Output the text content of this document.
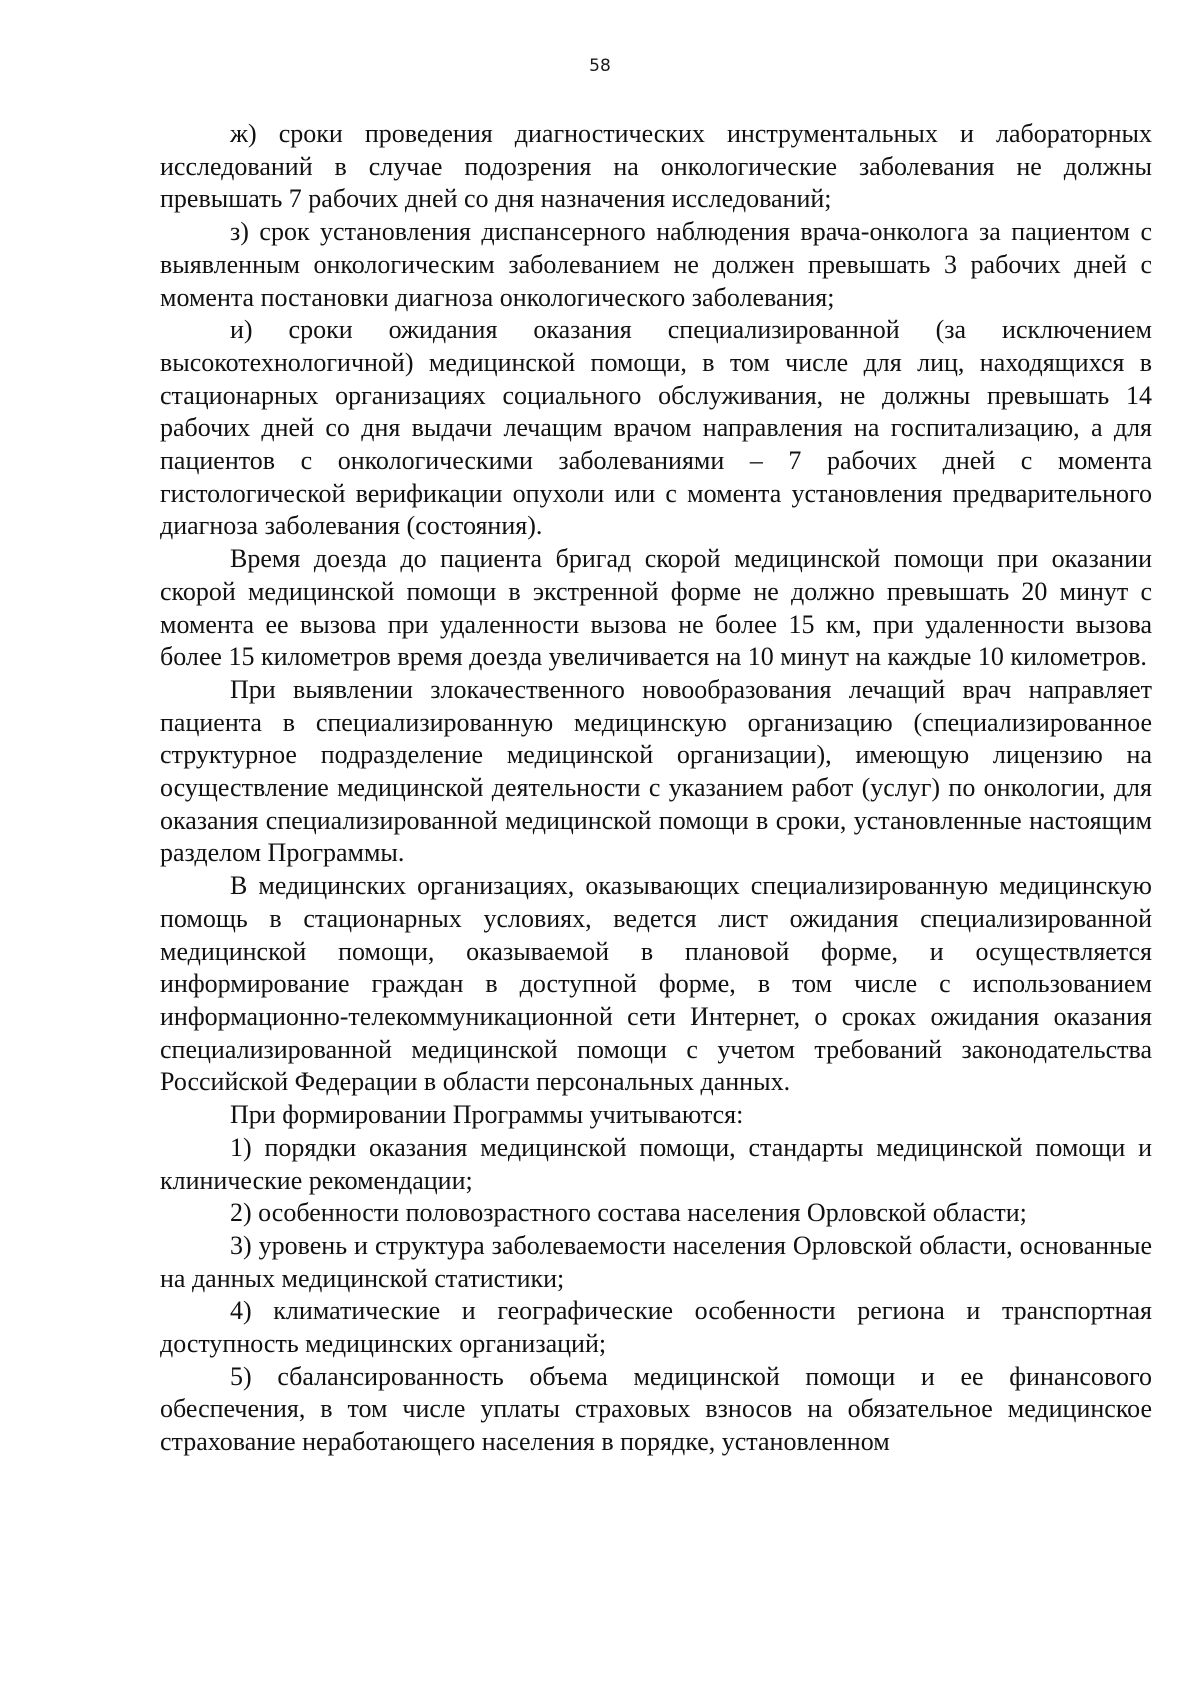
58

ж) сроки проведения диагностических инструментальных и лабораторных исследований в случае подозрения на онкологические заболевания не должны превышать 7 рабочих дней со дня назначения исследований;

з) срок установления диспансерного наблюдения врача-онколога за пациентом с выявленным онкологическим заболеванием не должен превышать 3 рабочих дней с момента постановки диагноза онкологического заболевания;

и) сроки ожидания оказания специализированной (за исключением высокотехнологичной) медицинской помощи, в том числе для лиц, находящихся в стационарных организациях социального обслуживания, не должны превышать 14 рабочих дней со дня выдачи лечащим врачом направления на госпитализацию, а для пациентов с онкологическими заболеваниями – 7 рабочих дней с момента гистологической верификации опухоли или с момента установления предварительного диагноза заболевания (состояния).

Время доезда до пациента бригад скорой медицинской помощи при оказании скорой медицинской помощи в экстренной форме не должно превышать 20 минут с момента ее вызова при удаленности вызова не более 15 км, при удаленности вызова более 15 километров время доезда увеличивается на 10 минут на каждые 10 километров.

При выявлении злокачественного новообразования лечащий врач направляет пациента в специализированную медицинскую организацию (специализированное структурное подразделение медицинской организации), имеющую лицензию на осуществление медицинской деятельности с указанием работ (услуг) по онкологии, для оказания специализированной медицинской помощи в сроки, установленные настоящим разделом Программы.

В медицинских организациях, оказывающих специализированную медицинскую помощь в стационарных условиях, ведется лист ожидания специализированной медицинской помощи, оказываемой в плановой форме, и осуществляется информирование граждан в доступной форме, в том числе с использованием информационно-телекоммуникационной сети Интернет, о сроках ожидания оказания специализированной медицинской помощи с учетом требований законодательства Российской Федерации в области персональных данных.

При формировании Программы учитываются:

1) порядки оказания медицинской помощи, стандарты медицинской помощи и клинические рекомендации;

2) особенности половозрастного состава населения Орловской области;

3) уровень и структура заболеваемости населения Орловской области, основанные на данных медицинской статистики;

4) климатические и географические особенности региона и транспортная доступность медицинских организаций;

5) сбалансированность объема медицинской помощи и ее финансового обеспечения, в том числе уплаты страховых взносов на обязательное медицинское страхование неработающего населения в порядке, установленном
